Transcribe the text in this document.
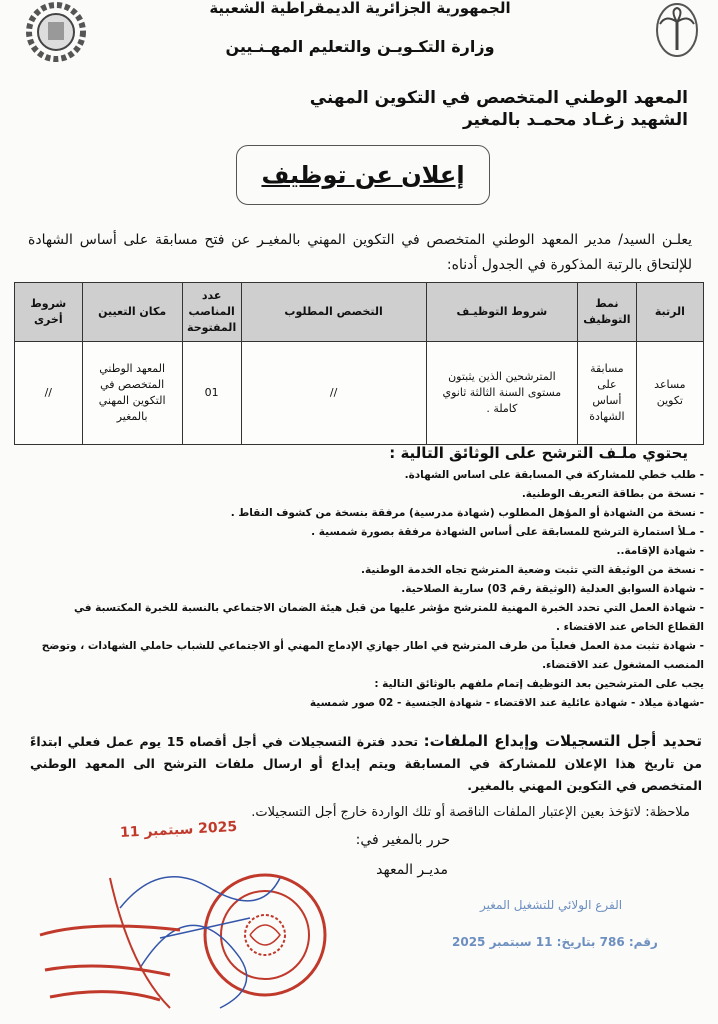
الجمهورية الجزائرية الديمقراطية الشعبية
وزارة التكـويـن والتعليم المهـنـيين
المعهد الوطني المتخصص في التكوين المهني
الشهيد زغـاد محمـد بالمغير
إعلان عن توظيف
يعلـن السيد/ مدير المعهد الوطني المتخصص في التكوين المهني بالمغيـر عن فتح مسابقة على أساس الشهادة للإلتحاق بالرتبة المذكورة في الجدول أدناه:
الرتبة	نمط التوظيف	شروط التوظيـف	التخصص المطلوب	عدد المناصب المفتوحة	مكان التعيين	شروط أخرى
مساعد تكوين	مسابقة على أساس الشهادة	المترشحين الذين يثبتون مستوى السنة الثالثة ثانوي كاملة .	//	01	المعهد الوطني المتخصص في التكوين المهني بالمغير	//
يحتوي ملـف الترشح على الوثائق التالية :
- طلب خطي للمشاركة في المسابقة على اساس الشهادة.
- نسخة من بطاقة التعريف الوطنية.
- نسخة من الشهادة أو المؤهل المطلوب (شهادة مدرسية) مرفقة بنسخة من كشوف النقاط .
- مـلأ استمارة الترشح للمسابقة على أساس الشهادة مرفقة بصورة شمسية .
- شهادة الإقامة..
- نسخة من الوثيقة التي تثبت وضعية المترشح تجاه الخدمة الوطنية.
- شهادة السوابق العدلية (الوثيقة رقم 03) سارية الصلاحية.
- شهادة العمل التي تحدد الخبرة المهنية للمترشح مؤشر عليها من قبل هيئة الضمان الاجتماعي بالنسبة للخبرة المكتسبة في القطاع الخاص عند الاقتضاء .
- شهادة تثبت مدة العمل فعلياً من طرف المترشح في اطار جهازي الإدماج المهني أو الاجتماعي للشباب حاملي الشهادات ، وتوضح المنصب المشغول عند الاقتضاء.
يجب على المترشحين بعد التوظيف إتمام ملفهم بالوثائق التالية :
-شهادة ميلاد - شهادة عائلية عند الاقتضاء - شهادة الجنسية - 02 صور شمسية
تحديد أجل التسجيلات وإيداع الملفات: تحدد فترة التسجيلات في أجل أقصاه 15 يوم عمل فعلي ابتداءً من تاريخ هذا الإعلان للمشاركة في المسابقة ويتم إيداع أو ارسال ملفات الترشح الى المعهد الوطني المتخصص في التكوين المهني بالمغير.
ملاحظة: لاتؤخذ بعين الإعتبار الملفات الناقصة أو تلك الواردة خارج أجل التسجيلات.
حرر بالمغير في:
مديـر المعهد
2025 سبتمبر 11
الفرع الولائي للتشغيل المغير
رقم: 786 بتاريخ: 11 سبتمبر 2025
